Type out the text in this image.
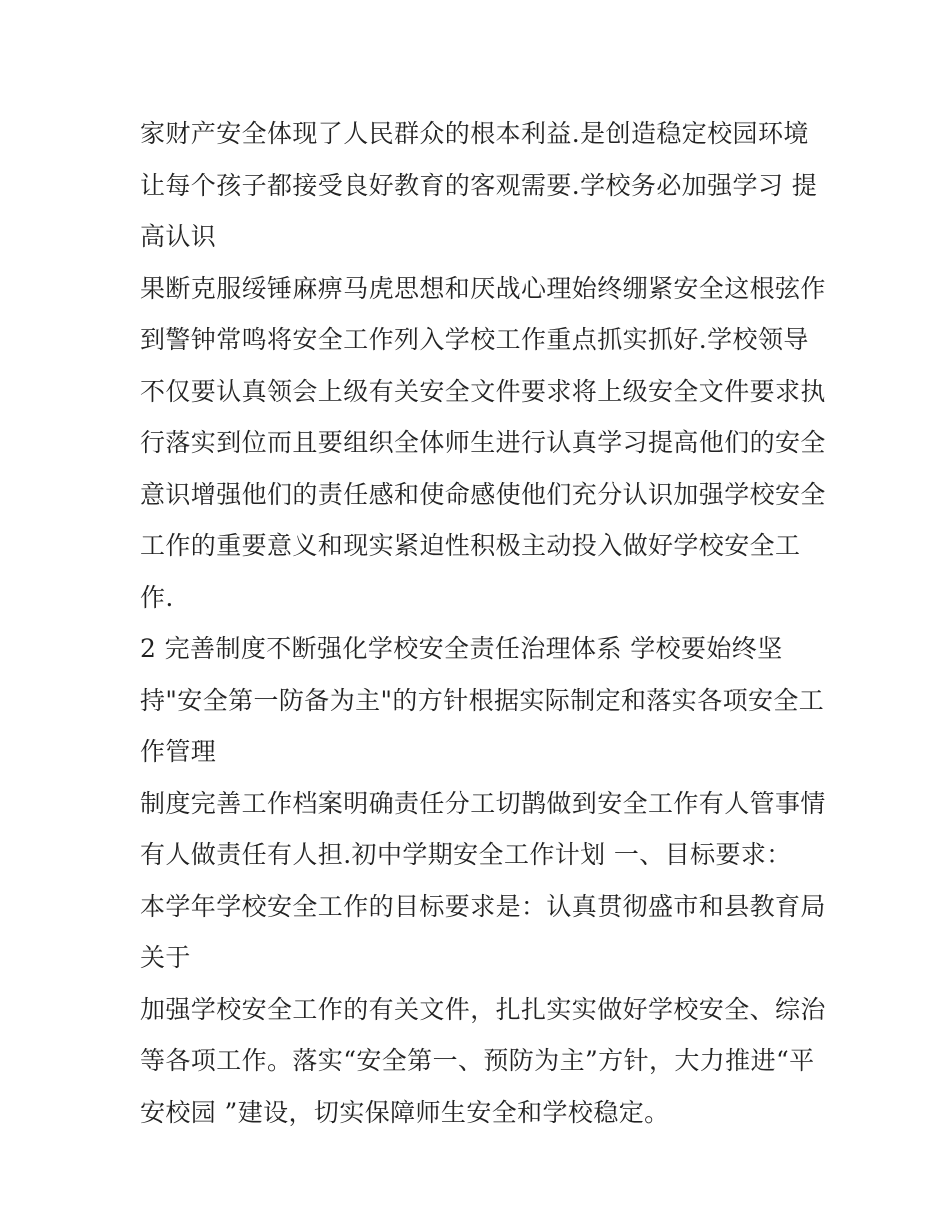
家财产安全体现了人民群众的根本利益.是创造稳定校园环境
让每个孩子都接受良好教育的客观需要.学校务必加强学习 提
高认识
果断克服绥锤麻痹马虎思想和厌战心理始终绷紧安全这根弦作
到警钟常鸣将安全工作列入学校工作重点抓实抓好.学校领导
不仅要认真领会上级有关安全文件要求将上级安全文件要求执
行落实到位而且要组织全体师生进行认真学习提高他们的安全
意识增强他们的责任感和使命感使他们充分认识加强学校安全
工作的重要意义和现实紧迫性积极主动投入做好学校安全工
作.
2 完善制度不断强化学校安全责任治理体系 学校要始终坚
持"安全第一防备为主"的方针根据实际制定和落实各项安全工
作管理
制度完善工作档案明确责任分工切鹊做到安全工作有人管事情
有人做责任有人担.初中学期安全工作计划 一、目标要求：
本学年学校安全工作的目标要求是：认真贯彻盛市和县教育局
关于
加强学校安全工作的有关文件，扎扎实实做好学校安全、综治
等各项工作。落实“安全第一、预防为主”方针，大力推进“平
安校园 ”建设，切实保障师生安全和学校稳定。
